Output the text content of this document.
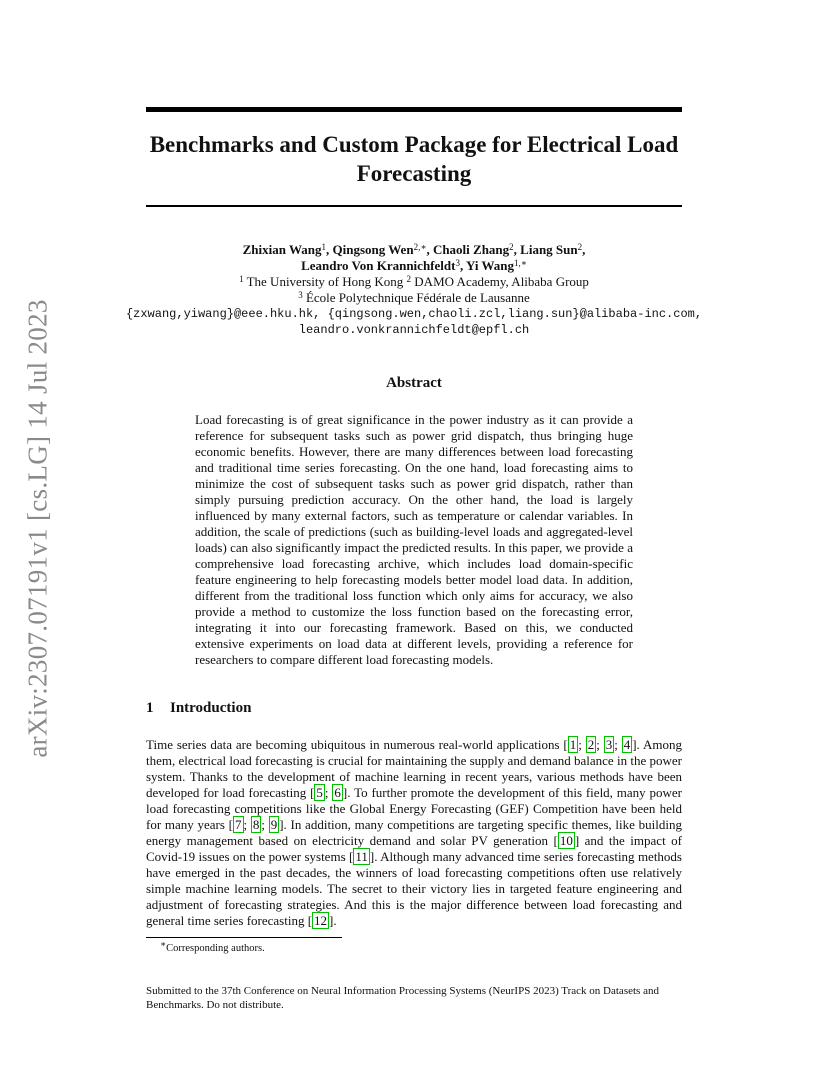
arXiv:2307.07191v1 [cs.LG] 14 Jul 2023
Benchmarks and Custom Package for Electrical Load Forecasting
Zhixian Wang$^1$, Qingsong Wen$^{2,∗}$, Chaoli Zhang$^2$, Liang Sun$^2$,
Leandro Von Krannichfeldt$^3$, Yi Wang$^{1,∗}$
$^1$ The University of Hong Kong $^2$ DAMO Academy, Alibaba Group
$^3$ École Polytechnique Fédérale de Lausanne
{zxwang,yiwang}@eee.hku.hk, {qingsong.wen,chaoli.zcl,liang.sun}@alibaba-inc.com,
leandro.vonkrannichfeldt@epfl.ch
Abstract

Load forecasting is of great significance in the power industry as it can provide a reference for subsequent tasks such as power grid dispatch, thus bringing huge economic benefits. However, there are many differences between load forecasting and traditional time series forecasting. On the one hand, load forecasting aims to minimize the cost of subsequent tasks such as power grid dispatch, rather than simply pursuing prediction accuracy. On the other hand, the load is largely influenced by many external factors, such as temperature or calendar variables. In addition, the scale of predictions (such as building-level loads and aggregated-level loads) can also significantly impact the predicted results. In this paper, we provide a comprehensive load forecasting archive, which includes load domain-specific feature engineering to help forecasting models better model load data. In addition, different from the traditional loss function which only aims for accuracy, we also provide a method to customize the loss function based on the forecasting error, integrating it into our forecasting framework. Based on this, we conducted extensive experiments on load data at different levels, providing a reference for researchers to compare different load forecasting models.

1 Introduction

Time series data are becoming ubiquitous in numerous real-world applications [ 1 ; 2 ; 3 ; 4 ]. Among them, electrical load forecasting is crucial for maintaining the supply and demand balance in the power system. Thanks to the development of machine learning in recent years, various methods have been developed for load forecasting [ 5 ; 6 ]. To further promote the development of this field, many power load forecasting competitions like the Global Energy Forecasting (GEF) Competition have been held for many years [ 7 ; 8 ; 9 ]. In addition, many competitions are targeting specific themes, like building energy management based on electricity demand and solar PV generation [ 10 ] and the impact of Covid-19 issues on the power systems [ 11 ]. Although many advanced time series forecasting methods have emerged in the past decades, the winners of load forecasting competitions often use relatively simple machine learning models. The secret to their victory lies in targeted feature engineering and adjustment of forecasting strategies. And this is the major difference between load forecasting and general time series forecasting [ 12 ].

∗Corresponding authors.

Submitted to the 37th Conference on Neural Information Processing Systems (NeurIPS 2023) Track on Datasets and Benchmarks. Do not distribute.
